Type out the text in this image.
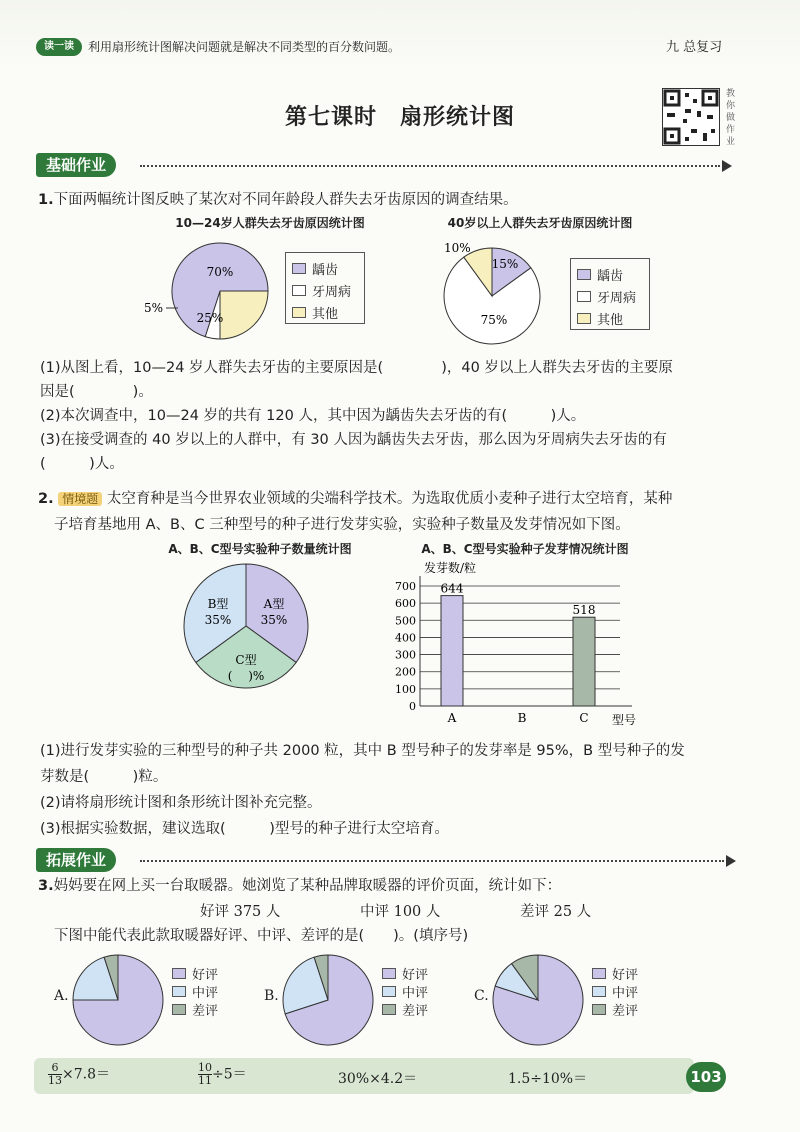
读一读	利用扇形统计图解决问题就是解决不同类型的百分数问题。	九 总复习
第七课时　扇形统计图
教你做作业
基础作业
1.下面两幅统计图反映了某次对不同年龄段人群失去牙齿原因的调查结果。
10—24岁人群失去牙齿原因统计图
70%
25%
5%
龋齿
牙周病
其他
40岁以上人群失去牙齿原因统计图
15%
75%
10%
龋齿
牙周病
其他
(1)从图上看，10—24 岁人群失去牙齿的主要原因是(　　　　)，40 岁以上人群失去牙齿的主要原
因是(　　　　)。
(2)本次调查中，10—24 岁的共有 120 人，其中因为龋齿失去牙齿的有(　　　)人。
(3)在接受调查的 40 岁以上的人群中，有 30 人因为龋齿失去牙齿，那么因为牙周病失去牙齿的有
(　　　)人。
2. 情境题 太空育种是当今世界农业领域的尖端科学技术。为选取优质小麦种子进行太空培育，某种
子培育基地用 A、B、C 三种型号的种子进行发芽实验，实验种子数量及发芽情况如下图。
A、B、C型号实验种子数量统计图
B型
35%
A型
35%
C型
(　 )%
A、B、C型号实验种子发芽情况统计图
发芽数/粒
型号
0
100
200
300
400
500
600
700 644
A	B
518
C
(1)进行发芽实验的三种型号的种子共 2000 粒，其中 B 型号种子的发芽率是 95%，B 型号种子的发
芽数是(　　　)粒。
(2)请将扇形统计图和条形统计图补充完整。
(3)根据实验数据，建议选取(　　　)型号的种子进行太空培育。
拓展作业
3.妈妈要在网上买一台取暖器。她浏览了某种品牌取暖器的评价页面，统计如下：
好评 375 人	中评 100 人	差评 25 人
下图中能代表此款取暖器好评、中评、差评的是(　　)。(填序号)
A.
好评
中评
差评
B.
好评
中评
差评
C.
好评
中评
差评
$\frac{6}{13} \times 7.8=$	$\frac{10}{11} \div 5=$	30%×4.2＝	1.5÷10%＝	103
